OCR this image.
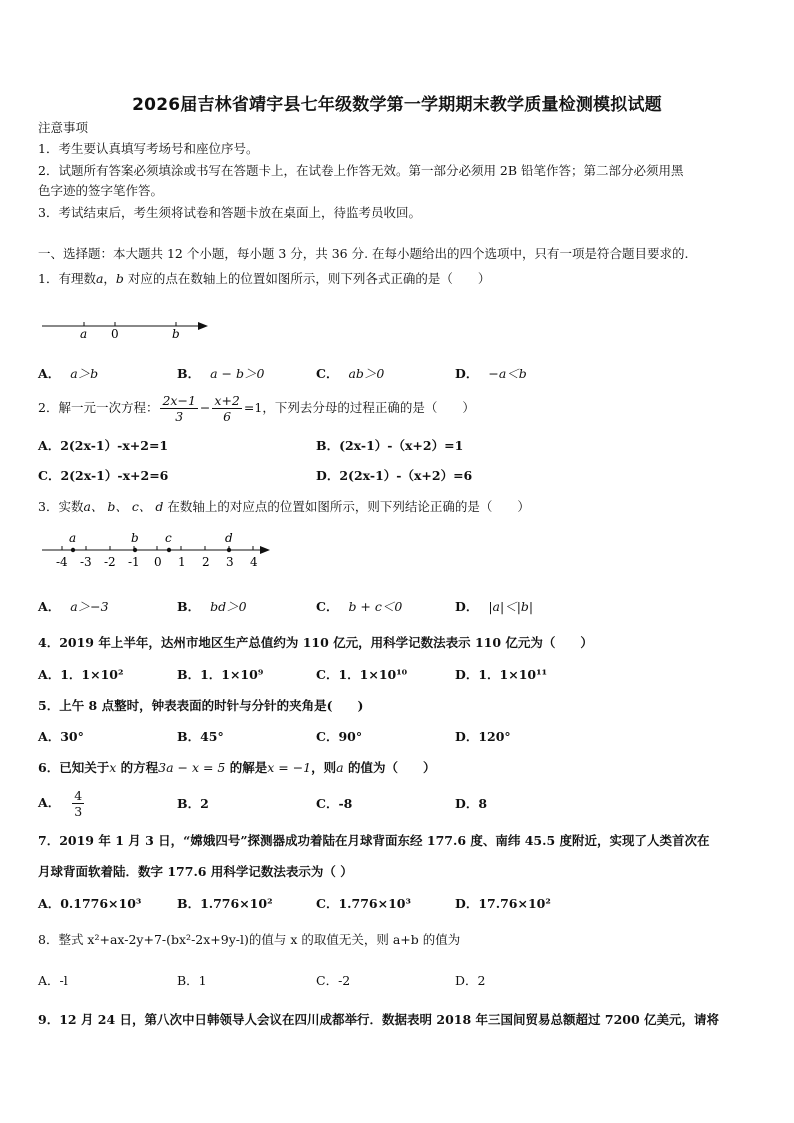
2026届吉林省靖宇县七年级数学第一学期期末教学质量检测模拟试题
注意事项
1．考生要认真填写考场号和座位序号。
2．试题所有答案必须填涂或书写在答题卡上，在试卷上作答无效。第一部分必须用 2B 铅笔作答；第二部分必须用黑
色字迹的签字笔作答。
3．考试结束后，考生须将试卷和答题卡放在桌面上，待监考员收回。
一、选择题：本大题共 12 个小题，每小题 3 分，共 36 分. 在每小题给出的四个选项中，只有一项是符合题目要求的.
1．有理数a，b 对应的点在数轴上的位置如图所示，则下列各式正确的是（　　）
a 0	b
A． a＞b	B． a − b＞0	C． ab＞0	D． −a＜b
2．解一元一次方程： $\frac{2x-1}{3} - \frac{x+2}{6} =1$，下列去分母的过程正确的是（　　）
A．2(2x-1）-x+2=1	B．(2x-1）-（x+2）=1
C．2(2x-1）-x+2=6	D．2(2x-1）-（x+2）=6
3．实数a、 b、 c、 d 在数轴上的对应点的位置如图所示，则下列结论正确的是（　　）
a	b c	d
-4 -3 -2 -1 0 1 2 3 4
A． a＞−3	B． bd＞0	C． b + c＜0	D． |a|＜|b|
4．2019 年上半年，达州市地区生产总值约为 110 亿元，用科学记数法表示 110 亿元为（　　）
A．1．1×10²	B．1．1×10⁹	C．1．1×10¹⁰	D．1．1×10¹¹
5．上午 8 点整时，钟表表面的时针与分针的夹角是(　　)
A．30°	B．45°	C．90°	D．120°
6．已知关于x 的方程3a − x = 5 的解是x = −1，则a 的值为（　　）
A． $\frac{4}{3}$	B．2	C．-8	D．8
7．2019 年 1 月 3 日，“嫦娥四号”探测器成功着陆在月球背面东经 177.6 度、南纬 45.5 度附近，实现了人类首次在
月球背面软着陆．数字 177.6 用科学记数法表示为（ ）
A．0.1776×10³	B．1.776×10²	C．1.776×10³	D．17.76×10²
8．整式 x²+ax-2y+7-(bx²-2x+9y-l)的值与 x 的取值无关，则 a+b 的值为
A．-l	B．1	C．-2	D．2
9．12 月 24 日，第八次中日韩领导人会议在四川成都举行．数据表明 2018 年三国间贸易总额超过 7200 亿美元，请将
